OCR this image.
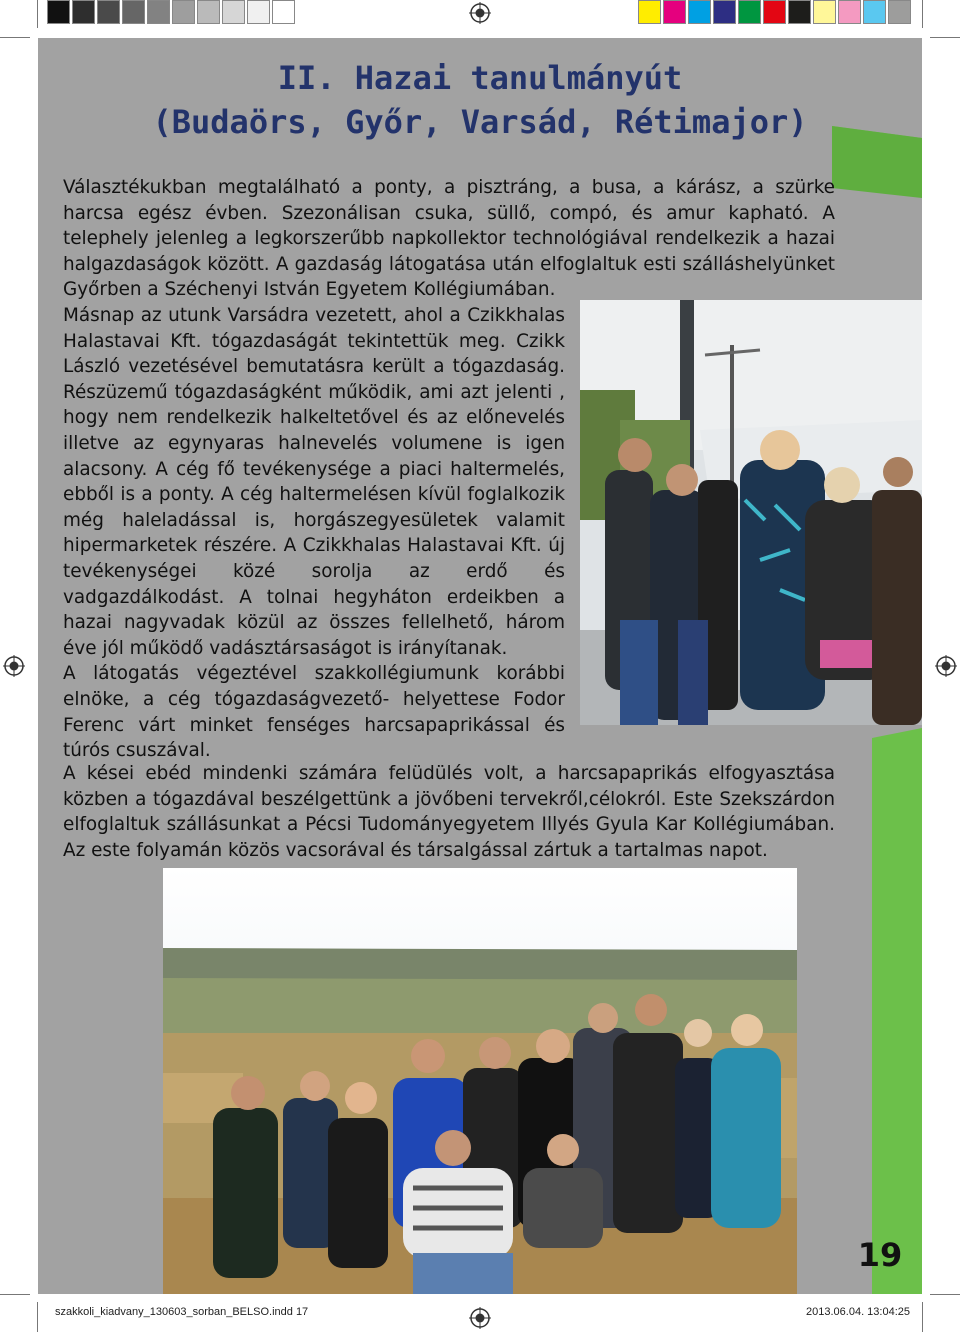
II. Hazai tanulmányút
(Budaörs, Győr, Varsád, Rétimajor)

Választékukban megtalálható a ponty, a pisztráng, a busa, a kárász, a szürke harcsa egész évben. Szezonálisan csuka, süllő, compó, és amur kapható. A telephely jelenleg a legkorszerűbb napkollektor technológiával rendelkezik a hazai halgazdaságok között. A gazdaság látogatása után elfoglaltuk esti szálláshelyünket Győrben a Széchenyi István Egyetem Kollégiumában.

Másnap az utunk Varsádra vezetett, ahol a Czikkhalas Halastavai Kft. tógazdaságát tekintettük meg. Czikk László vezetésével bemutatásra került a tógazdaság. Részüzemű tógazdaságként működik, ami azt jelenti , hogy nem rendelkezik halkeltetővel és az előnevelés illetve az egynyaras halnevelés volumene is igen alacsony. A cég fő tevékenysége a piaci haltermelés, ebből is a ponty. A cég haltermelésen kívül foglalkozik még haleladással is, horgászegyesületek valamit hipermarketek részére. A Czikkhalas Halastavai Kft. új tevékenységei közé sorolja az erdő és vadgazdálkodást. A tolnai hegyháton erdeikben a hazai nagyvadak közül az összes fellelhető, három éve jól működő vadásztársaságot is irányítanak.

A látogatás végeztével szakkollégiumunk korábbi elnöke, a cég tógazdaságvezető- helyettese Fodor Ferenc várt minket fenséges harcsapaprikással és túrós csuszával.

A kései ebéd mindenki számára felüdülés volt, a harcsapaprikás elfogyasztása közben a tógazdával beszélgettünk a jövőbeni tervekről,célokról. Este Szekszárdon elfoglaltuk szállásunkat a Pécsi Tudományegyetem Illyés Gyula Kar Kollégiumában. Az este folyamán közös vacsorával és társalgással zártuk a tartalmas napot.

19
szakkoli_kiadvany_130603_sorban_BELSO.indd 17	2013.06.04. 13:04:25
